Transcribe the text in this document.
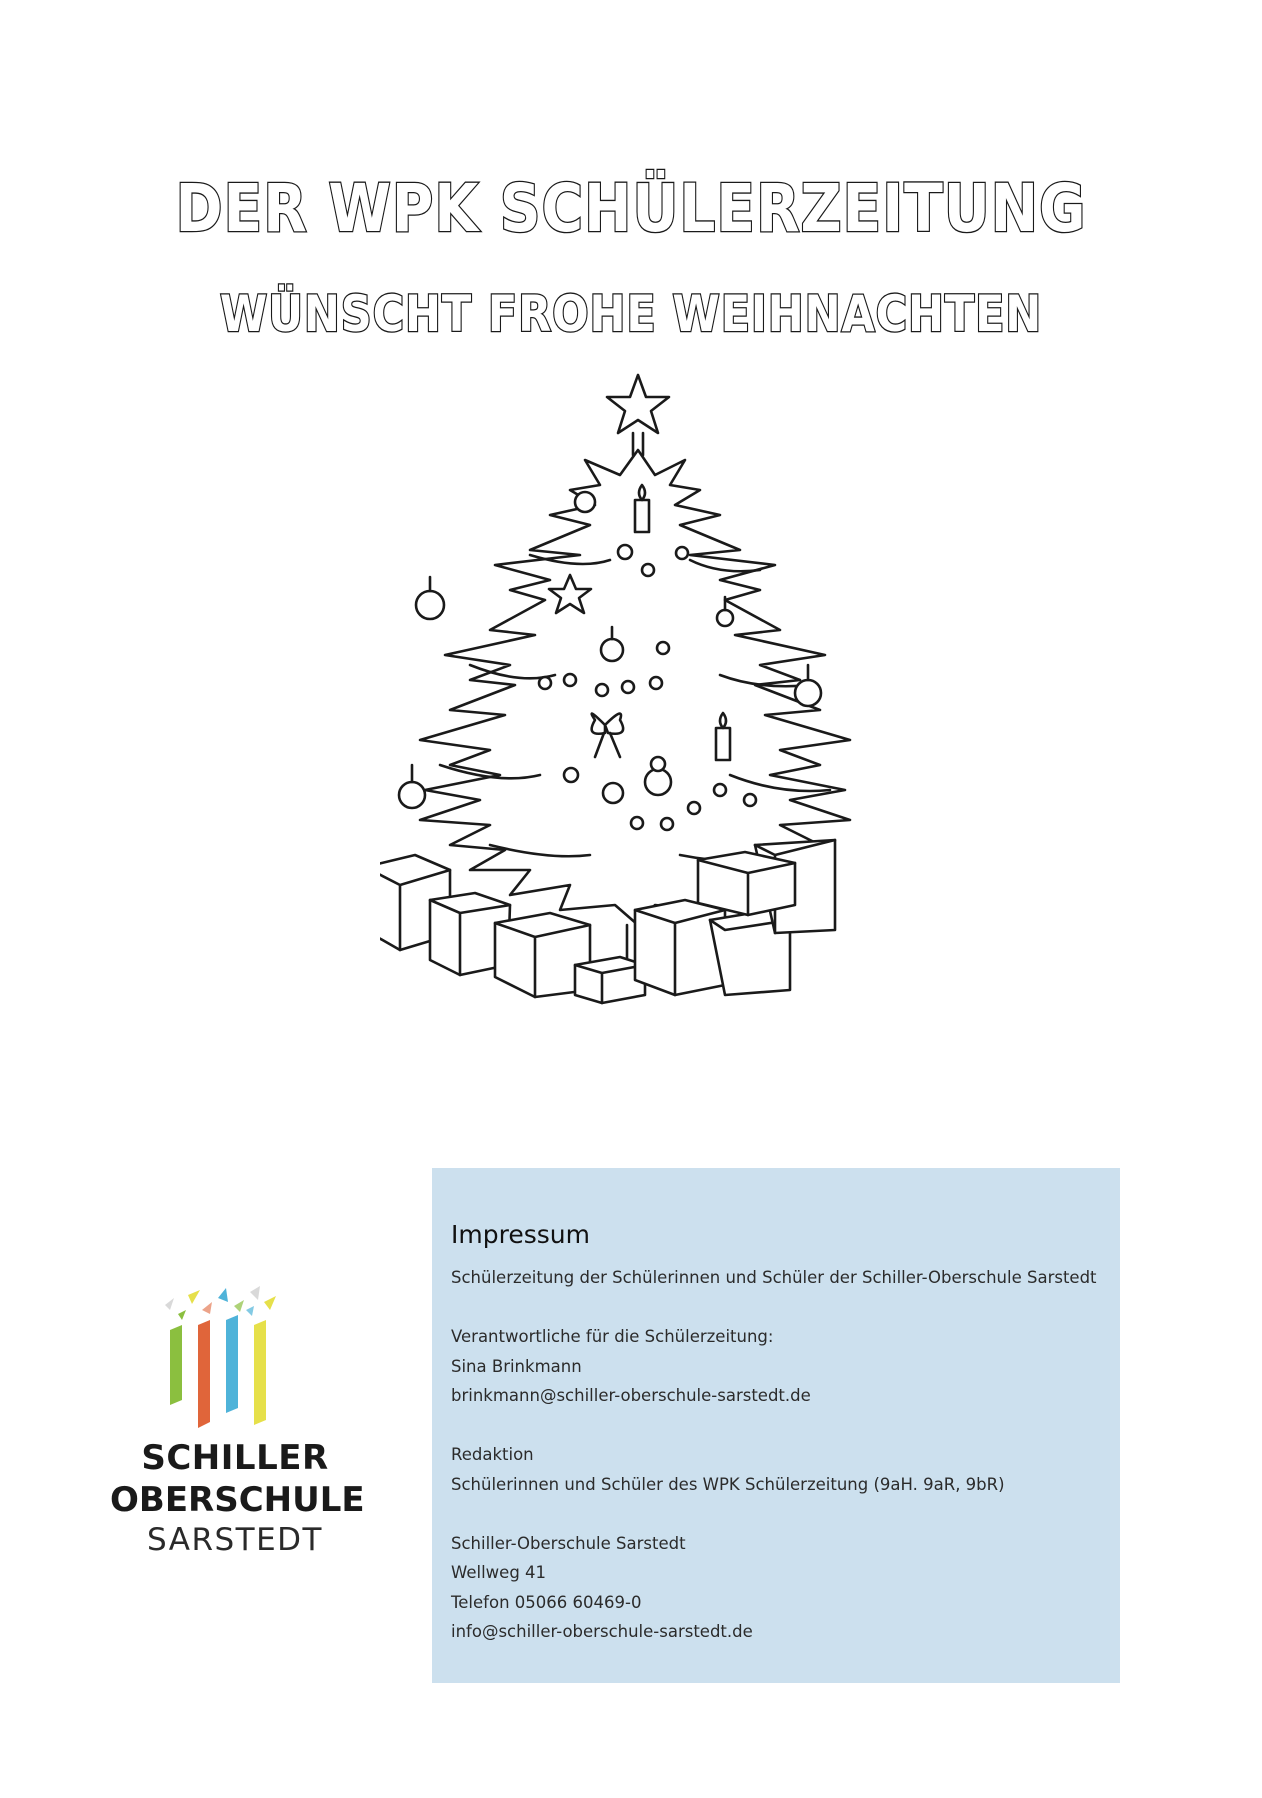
DER WPK SCHÜLERZEITUNG
WÜNSCHT FROHE WEIHNACHTEN
SCHILLER
OBERSCHULE
SARSTEDT
Impressum

Schülerzeitung der Schülerinnen und Schüler der Schiller-Oberschule Sarstedt

Verantwortliche für die Schülerzeitung:

Sina Brinkmann

brinkmann@schiller-oberschule-sarstedt.de

Redaktion

Schülerinnen und Schüler des WPK Schülerzeitung (9aH. 9aR, 9bR)

Schiller-Oberschule Sarstedt

Wellweg 41

Telefon 05066 60469-0

info@schiller-oberschule-sarstedt.de
